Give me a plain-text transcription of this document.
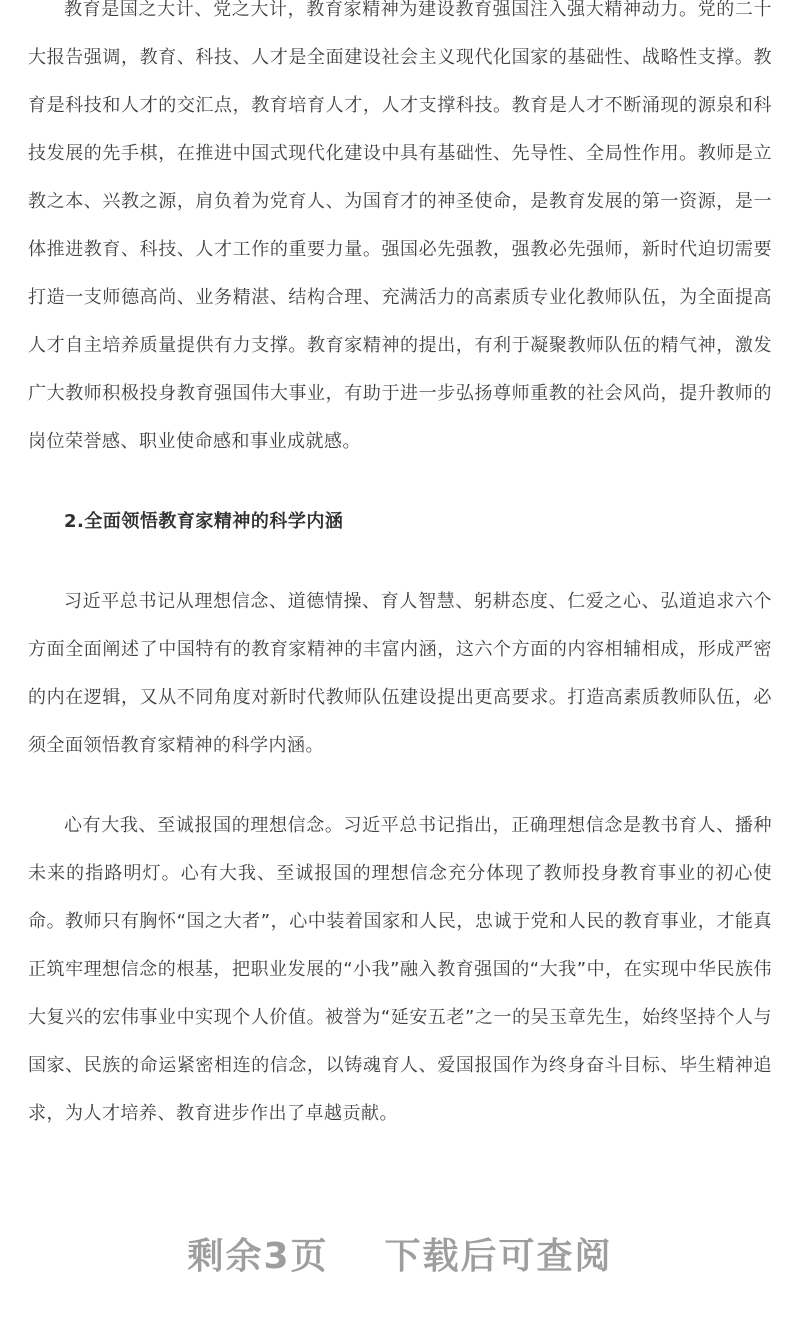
教育是国之大计、党之大计，教育家精神为建设教育强国注入强大精神动力。党的二十大报告强调，教育、科技、人才是全面建设社会主义现代化国家的基础性、战略性支撑。教育是科技和人才的交汇点，教育培育人才，人才支撑科技。教育是人才不断涌现的源泉和科技发展的先手棋，在推进中国式现代化建设中具有基础性、先导性、全局性作用。教师是立教之本、兴教之源，肩负着为党育人、为国育才的神圣使命，是教育发展的第一资源，是一体推进教育、科技、人才工作的重要力量。强国必先强教，强教必先强师，新时代迫切需要打造一支师德高尚、业务精湛、结构合理、充满活力的高素质专业化教师队伍，为全面提高人才自主培养质量提供有力支撑。教育家精神的提出，有利于凝聚教师队伍的精气神，激发广大教师积极投身教育强国伟大事业，有助于进一步弘扬尊师重教的社会风尚，提升教师的岗位荣誉感、职业使命感和事业成就感。

2.全面领悟教育家精神的科学内涵

习近平总书记从理想信念、道德情操、育人智慧、躬耕态度、仁爱之心、弘道追求六个方面全面阐述了中国特有的教育家精神的丰富内涵，这六个方面的内容相辅相成，形成严密的内在逻辑，又从不同角度对新时代教师队伍建设提出更高要求。打造高素质教师队伍，必须全面领悟教育家精神的科学内涵。

心有大我、至诚报国的理想信念。习近平总书记指出，正确理想信念是教书育人、播种未来的指路明灯。心有大我、至诚报国的理想信念充分体现了教师投身教育事业的初心使命。教师只有胸怀“国之大者”，心中装着国家和人民，忠诚于党和人民的教育事业，才能真正筑牢理想信念的根基，把职业发展的“小我”融入教育强国的“大我”中，在实现中华民族伟大复兴的宏伟事业中实现个人价值。被誉为“延安五老”之一的吴玉章先生，始终坚持个人与国家、民族的命运紧密相连的信念，以铸魂育人、爱国报国作为终身奋斗目标、毕生精神追求，为人才培养、教育进步作出了卓越贡献。

剩余3页 下载后可查阅
